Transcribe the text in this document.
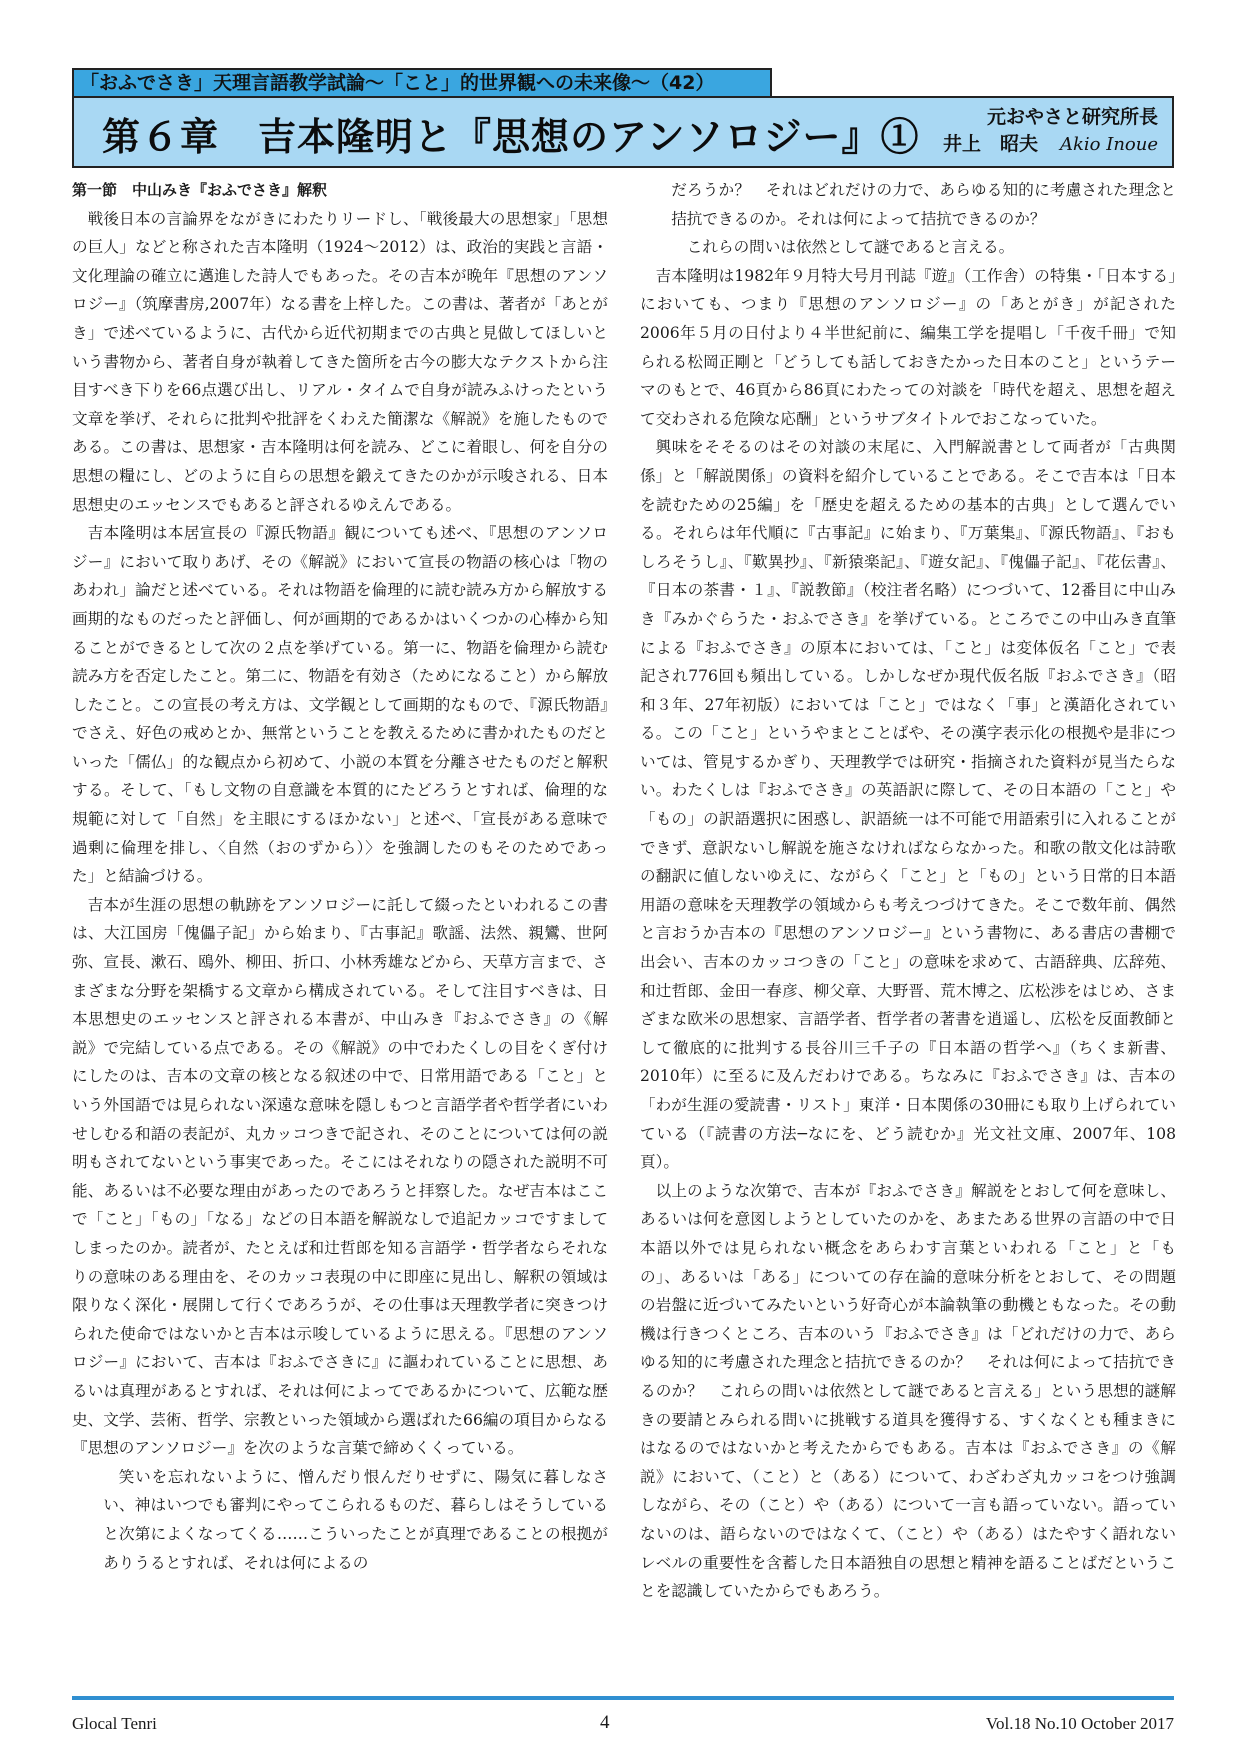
「おふでさき」天理言語教学試論〜「こと」的世界観への未来像〜（42）
第６章　吉本隆明と『思想のアンソロジー』①	元おやさと研究所長
井上　昭夫 Akio Inoue
第一節　中山みき『おふでさき』解釈

戦後日本の言論界をながきにわたりリードし、「戦後最大の思想家」「思想の巨人」などと称された吉本隆明（1924〜2012）は、政治的実践と言語・文化理論の確立に邁進した詩人でもあった。その吉本が晩年『思想のアンソロジー』（筑摩書房,2007年）なる書を上梓した。この書は、著者が「あとがき」で述べているように、古代から近代初期までの古典と見做してほしいという書物から、著者自身が執着してきた箇所を古今の膨大なテクストから注目すべき下りを66点選び出し、リアル・タイムで自身が読みふけったという文章を挙げ、それらに批判や批評をくわえた簡潔な《解説》を施したものである。この書は、思想家・吉本隆明は何を読み、どこに着眼し、何を自分の思想の糧にし、どのように自らの思想を鍛えてきたのかが示唆される、日本思想史のエッセンスでもあると評されるゆえんである。

吉本隆明は本居宣長の『源氏物語』観についても述べ、『思想のアンソロジー』において取りあげ、その《解説》において宣長の物語の核心は「物のあわれ」論だと述べている。それは物語を倫理的に読む読み方から解放する画期的なものだったと評価し、何が画期的であるかはいくつかの心棒から知ることができるとして次の２点を挙げている。第一に、物語を倫理から読む読み方を否定したこと。第二に、物語を有効さ（ためになること）から解放したこと。この宣長の考え方は、文学観として画期的なもので、『源氏物語』でさえ、好色の戒めとか、無常ということを教えるために書かれたものだといった「儒仏」的な観点から初めて、小説の本質を分離させたものだと解釈する。そして、「もし文物の自意識を本質的にたどろうとすれば、倫理的な規範に対して「自然」を主眼にするほかない」と述べ、「宣長がある意味で過剰に倫理を排し、〈自然（おのずから）〉を強調したのもそのためであった」と結論づける。

吉本が生涯の思想の軌跡をアンソロジーに託して綴ったといわれるこの書は、大江国房「傀儡子記」から始まり、『古事記』歌謡、法然、親鸞、世阿弥、宣長、漱石、鴎外、柳田、折口、小林秀雄などから、天草方言まで、さまざまな分野を架橋する文章から構成されている。そして注目すべきは、日本思想史のエッセンスと評される本書が、中山みき『おふでさき』の《解説》で完結している点である。その《解説》の中でわたくしの目をくぎ付けにしたのは、吉本の文章の核となる叙述の中で、日常用語である「こと」という外国語では見られない深遠な意味を隠しもつと言語学者や哲学者にいわせしむる和語の表記が、丸カッコつきで記され、そのことについては何の説明もされてないという事実であった。そこにはそれなりの隠された説明不可能、あるいは不必要な理由があったのであろうと拝察した。なぜ吉本はここで「こと」「もの」「なる」などの日本語を解説なしで追記カッコですましてしまったのか。読者が、たとえば和辻哲郎を知る言語学・哲学者ならそれなりの意味のある理由を、そのカッコ表現の中に即座に見出し、解釈の領域は限りなく深化・展開して行くであろうが、その仕事は天理教学者に突きつけられた使命ではないかと吉本は示唆しているように思える。『思想のアンソロジー』において、吉本は『おふでさきに』に謳われていることに思想、あるいは真理があるとすれば、それは何によってであるかについて、広範な歴史、文学、芸術、哲学、宗教といった領域から選ばれた66編の項目からなる『思想のアンソロジー』を次のような言葉で締めくくっている。

笑いを忘れないように、憎んだり恨んだりせずに、陽気に暮しなさい、神はいつでも審判にやってこられるものだ、暮らしはそうしていると次第によくなってくる……こういったことが真理であることの根拠がありうるとすれば、それは何によるの

だろうか？　それはどれだけの力で、あらゆる知的に考慮された理念と拮抗できるのか。それは何によって拮抗できるのか？

これらの問いは依然として謎であると言える。

吉本隆明は1982年９月特大号月刊誌『遊』（工作舎）の特集・「日本する」においても、つまり『思想のアンソロジー』の「あとがき」が記された2006年５月の日付より４半世紀前に、編集工学を提唱し「千夜千冊」で知られる松岡正剛と「どうしても話しておきたかった日本のこと」というテーマのもとで、46頁から86頁にわたっての対談を「時代を超え、思想を超えて交わされる危険な応酬」というサブタイトルでおこなっていた。

興味をそそるのはその対談の末尾に、入門解説書として両者が「古典関係」と「解説関係」の資料を紹介していることである。そこで吉本は「日本を読むための25編」を「歴史を超えるための基本的古典」として選んでいる。それらは年代順に『古事記』に始まり、『万葉集』、『源氏物語』、『おもしろそうし』、『歎異抄』、『新猿楽記』、『遊女記』、『傀儡子記』、『花伝書』、『日本の茶書・１』、『説教節』（校注者名略）につづいて、12番目に中山みき『みかぐらうた・おふでさき』を挙げている。ところでこの中山みき直筆による『おふでさき』の原本においては、「こと」は変体仮名「こと」で表記され776回も頻出している。しかしなぜか現代仮名版『おふでさき』（昭和３年、27年初版）においては「こと」ではなく「事」と漢語化されている。この「こと」というやまとことばや、その漢字表示化の根拠や是非については、管見するかぎり、天理教学では研究・指摘された資料が見当たらない。わたくしは『おふでさき』の英語訳に際して、その日本語の「こと」や「もの」の訳語選択に困惑し、訳語統一は不可能で用語索引に入れることができず、意訳ないし解説を施さなければならなかった。和歌の散文化は詩歌の翻訳に値しないゆえに、ながらく「こと」と「もの」という日常的日本語用語の意味を天理教学の領域からも考えつづけてきた。そこで数年前、偶然と言おうか吉本の『思想のアンソロジー』という書物に、ある書店の書棚で出会い、吉本のカッコつきの「こと」の意味を求めて、古語辞典、広辞苑、和辻哲郎、金田一春彦、柳父章、大野晋、荒木博之、広松渉をはじめ、さまざまな欧米の思想家、言語学者、哲学者の著書を逍遥し、広松を反面教師として徹底的に批判する長谷川三千子の『日本語の哲学へ』（ちくま新書、2010年）に至るに及んだわけである。ちなみに『おふでさき』は、吉本の「わが生涯の愛読書・リスト」東洋・日本関係の30冊にも取り上げられていている（『読書の方法─なにを、どう読むか』光文社文庫、2007年、108頁）。

以上のような次第で、吉本が『おふでさき』解説をとおして何を意味し、あるいは何を意図しようとしていたのかを、あまたある世界の言語の中で日本語以外では見られない概念をあらわす言葉といわれる「こと」と「もの」、あるいは「ある」についての存在論的意味分析をとおして、その問題の岩盤に近づいてみたいという好奇心が本論執筆の動機ともなった。その動機は行きつくところ、吉本のいう『おふでさき』は「どれだけの力で、あらゆる知的に考慮された理念と拮抗できるのか？　それは何によって拮抗できるのか？　これらの問いは依然として謎であると言える」という思想的謎解きの要請とみられる問いに挑戦する道具を獲得する、すくなくとも種まきにはなるのではないかと考えたからでもある。吉本は『おふでさき』の《解説》において、（こと）と（ある）について、わざわざ丸カッコをつけ強調しながら、その（こと）や（ある）について一言も語っていない。語っていないのは、語らないのではなくて、（こと）や（ある）はたやすく語れないレベルの重要性を含蓄した日本語独自の思想と精神を語ることばだということを認識していたからでもあろう。

Glocal Tenri	4	Vol.18 No.10 October 2017
